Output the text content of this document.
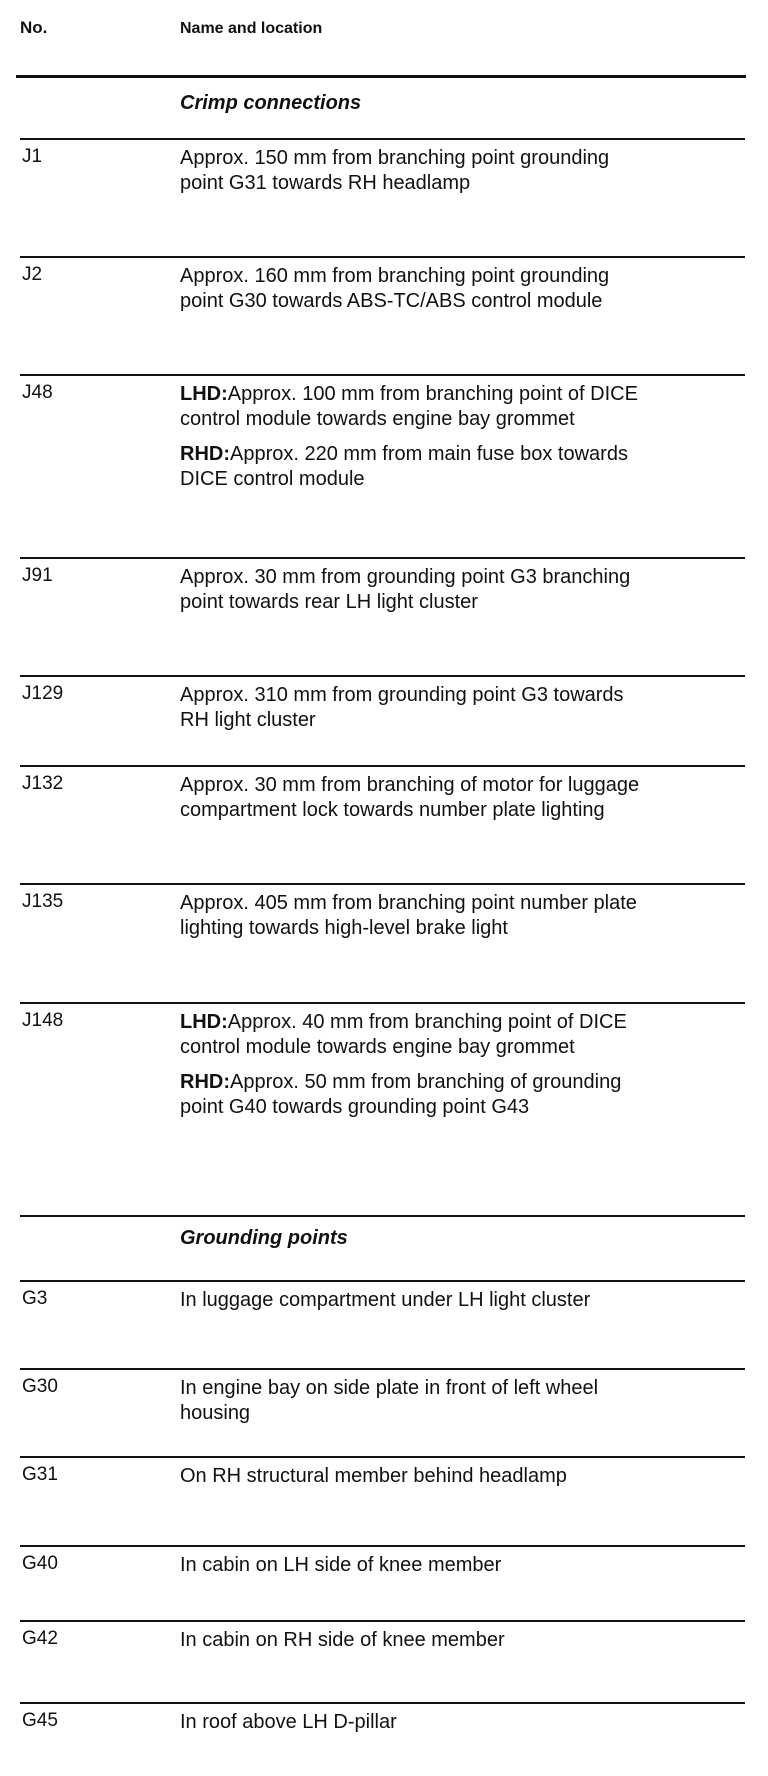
No.	Name and location
Crimp connections
J1	Approx. 150 mm from branching point grounding point G31 towards RH headlamp
J2	Approx. 160 mm from branching point grounding point G30 towards ABS-TC/ABS control module
J48	LHD:Approx. 100 mm from branching point of DICE control module towards engine bay grommet
RHD:Approx. 220 mm from main fuse box towards DICE control module
J91	Approx. 30 mm from grounding point G3 branching point towards rear LH light cluster
J129	Approx. 310 mm from grounding point G3 towards RH light cluster
J132	Approx. 30 mm from branching of motor for luggage compartment lock towards number plate lighting
J135	Approx. 405 mm from branching point number plate lighting towards high-level brake light
J148	LHD:Approx. 40 mm from branching point of DICE control module towards engine bay grommet
RHD:Approx. 50 mm from branching of grounding point G40 towards grounding point G43
Grounding points
G3	In luggage compartment under LH light cluster
G30	In engine bay on side plate in front of left wheel housing
G31	On RH structural member behind headlamp
G40	In cabin on LH side of knee member
G42	In cabin on RH side of knee member
G45	In roof above LH D-pillar
